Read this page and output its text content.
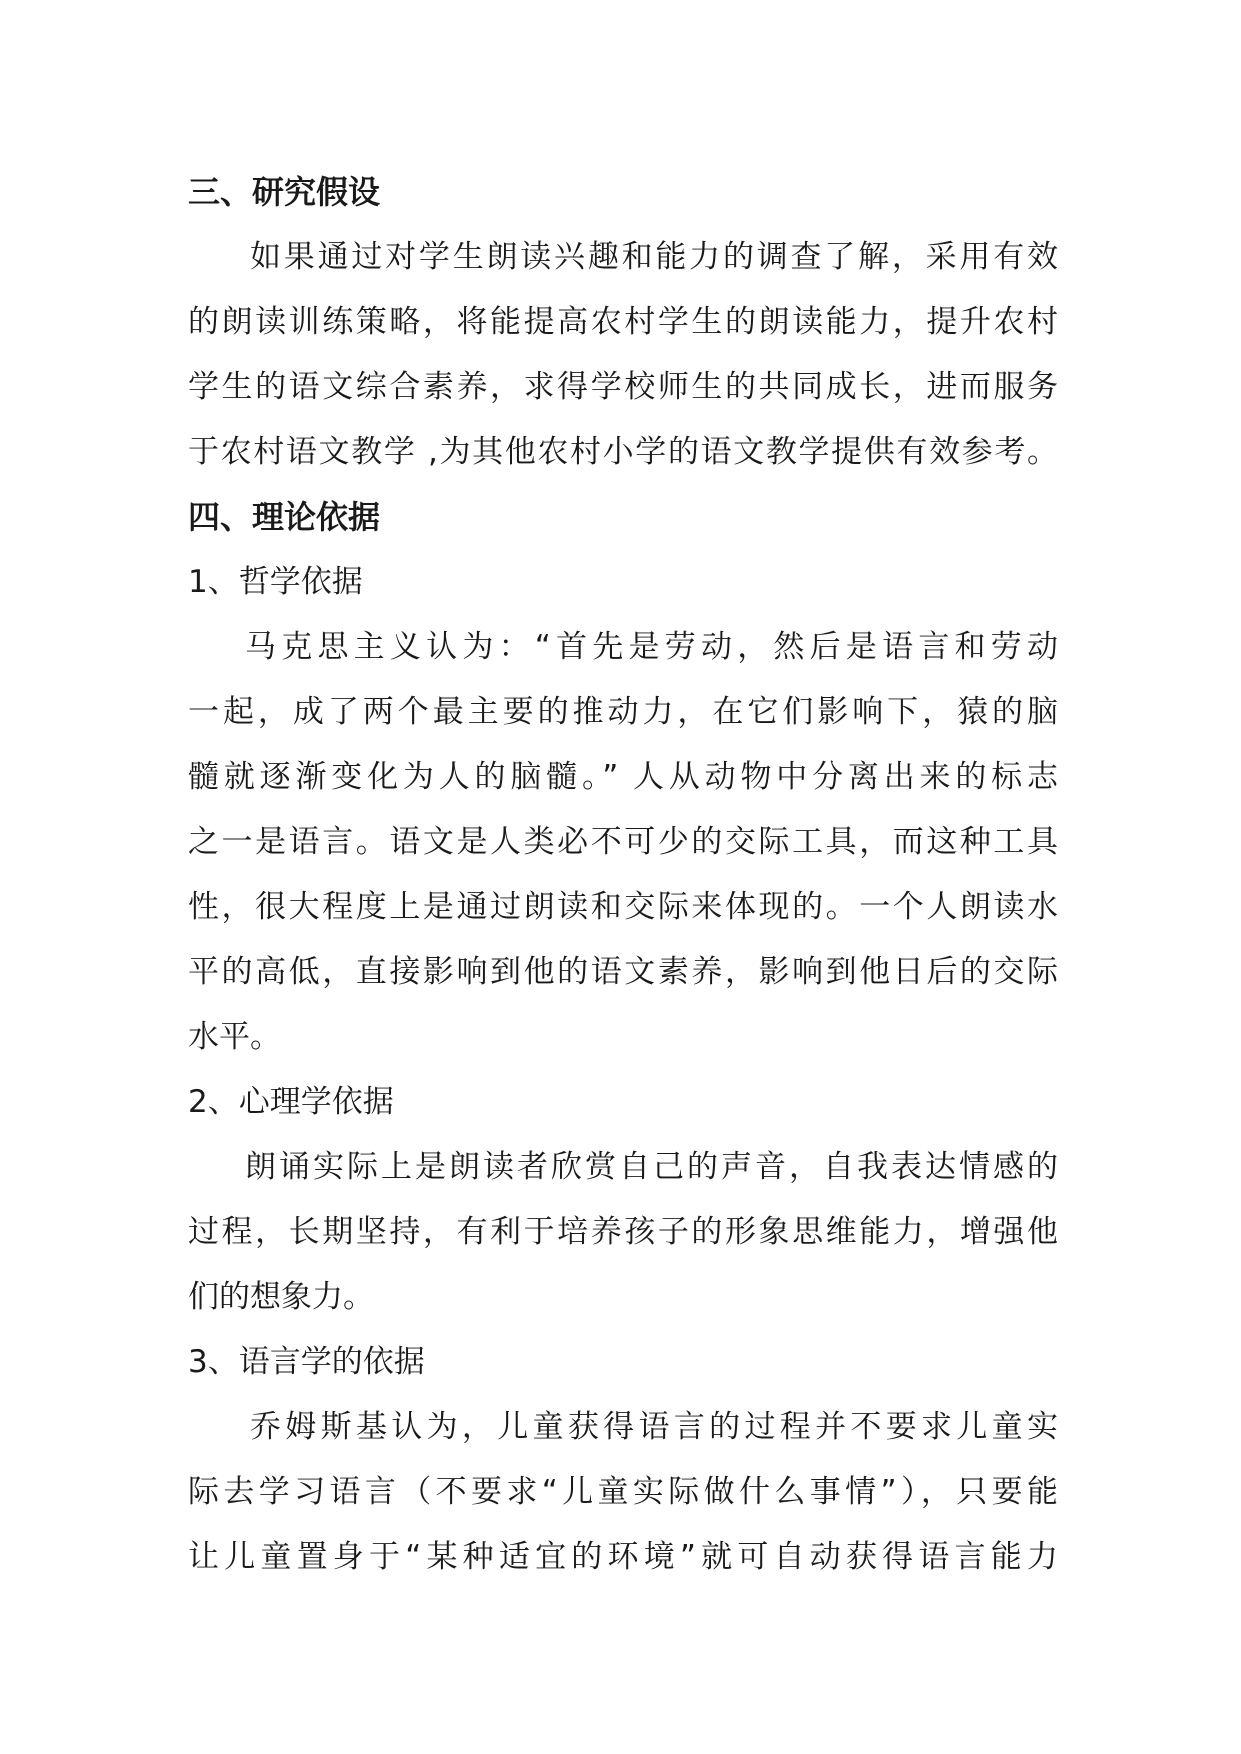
三、研究假设
如果通过对学生朗读兴趣和能力的调查了解，采用有效
的朗读训练策略，将能提高农村学生的朗读能力，提升农村
学生的语文综合素养，求得学校师生的共同成长，进而服务
于农村语文教学 ,为其他农村小学的语文教学提供有效参考。
四、理论依据
1、哲学依据
马克思主义认为：“首先是劳动，然后是语言和劳动
一起，成了两个最主要的推动力，在它们影响下，猿的脑
髓就逐渐变化为人的脑髓。” 人从动物中分离出来的标志
之一是语言。语文是人类必不可少的交际工具，而这种工具
性，很大程度上是通过朗读和交际来体现的。一个人朗读水
平的高低，直接影响到他的语文素养，影响到他日后的交际
水平。
2、心理学依据
朗诵实际上是朗读者欣赏自己的声音，自我表达情感的
过程，长期坚持，有利于培养孩子的形象思维能力，增强他
们的想象力。
3、语言学的依据
乔姆斯基认为，儿童获得语言的过程并不要求儿童实
际去学习语言（不要求“儿童实际做什么事情”），只要能
让儿童置身于“某种适宜的环境”就可自动获得语言能力
